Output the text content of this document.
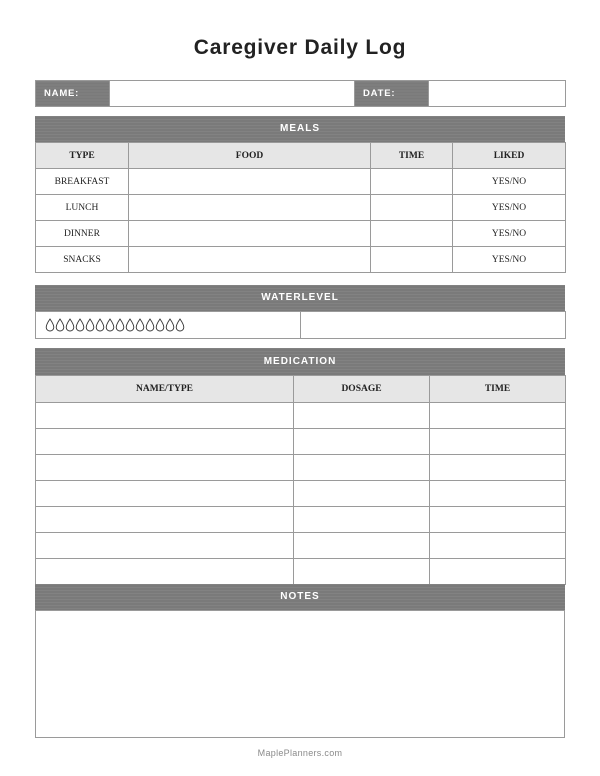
Caregiver Daily Log
NAME:		DATE:	
MEALS
TYPE	FOOD	TIME	LIKED
BREAKFAST			YES/NO
LUNCH			YES/NO
DINNER			YES/NO
SNACKS			YES/NO
WATERLEVEL

MEDICATION
NAME/TYPE	DOSAGE	TIME

NOTES
MaplePlanners.com
